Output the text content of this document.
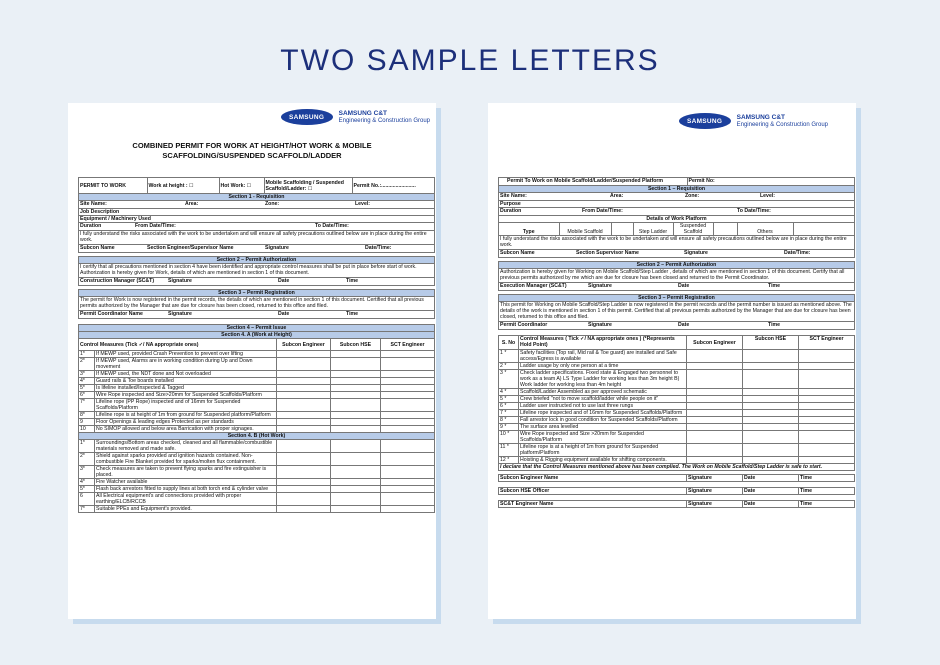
TWO SAMPLE LETTERS
SAMSUNG
SAMSUNG C&T
Engineering & Construction Group
COMBINED PERMIT FOR WORK AT HEIGHT/HOT WORK & MOBILE
SCAFFOLDING/SUSPENDED SCAFFOLD/LADDER
PERMIT TO WORK	Work at height : ☐	Hot Work: ☐	Mobile Scaffolding / Suspended Scaffold/Ladder: ☐	Permit No.:........................

Section 1 - Requisition

Site Name:	Area:	Zone:	Level:

Job Description
Equipment / Machinery Used

Duration	From Date/Time:	To Date/Time:

I fully understand the risks associated with the work to be undertaken and will ensure all safety precautions outlined below are in place during the entire work.

Subcon Name	Section Engineer/Supervisor Name	Signature	Date/Time:

Section 2 – Permit Authorization
I certify that all precautions mentioned in section 4 have been identified and appropriate control measures shall be put in place before start of work. Authorization is hereby given for Work, details of which are mentioned in section 1 of this document.

Construction Manager (SC&T)	Signature	Date	Time

Section 3 – Permit Registration
The permit for Work is now registered in the permit records, the details of which are mentioned in section 1 of this document. Certified that all previous permits authorized by the Manager that are due for closure has been closed, returned to this office and filed.

Permit Coordinator Name	Signature	Date	Time

Section 4 – Permit Issue
Section 4. A (Work at Height)
Control Measures (Tick ✓/ NA appropriate ones)	Subcon Engineer	Subcon HSE	SCT Engineer
1*	If MEWP used, provided Crash Prevention to prevent over lifting			
2*	If MEWP used, Alarms are in working condition during Up and Down movement			
3*	If MEWP used, the NDT done and Not overloaded			
4*	Guard rails & Toe boards installed			
5*	Is lifeline installed/Inspected & Tagged			
6*	Wire Rope inspected and Size>20mm for Suspended Scaffolds/Platform			
7*	Lifeline rope (PP Rope) inspected and of 16mm for Suspended Scaffolds/Platform			
8*	Lifeline rope is at height of 1m from ground for Suspended platform/Platform			
9	Floor Openings & leading edges Protected as per standards			
10	No SIMOP allowed and below area Barrication with proper signages.			
Section 4. B (Hot Work)
1*	Surroundings/Bottom areas checked, cleaned and all flammable/combustible materials removed and made safe.			
2*	Shield against sparks provided and ignition hazards contained. Non-combustible Fire Blanket provided for sparks/molten flux containment.			
3*	Check measures are taken to prevent flying sparks and fire extinguisher is placed.			
4*	Fire Watcher available			
5*	Flash back arrestors fitted to supply lines at both torch end & cylinder valve			
6	All Electrical equipment's and connections provided with proper earthing/ELCB/RCCB			
7*	Suitable PPEs and Equipment's provided.			
SAMSUNG
SAMSUNG C&T
Engineering & Construction Group
Permit To Work on Mobile Scaffold/Ladder/Suspended Platform	Permit No:

Section 1 – Requisition

Site Name:	Area:	Zone:	Level:

Purpose

Duration	From Date/Time:	To Date/Time:

Details of Work Platform

Type	Mobile Scaffold		Step Ladder	Suspended Scaffold		Others	

I fully understand the risks associated with the work to be undertaken and will ensure all safety precautions outlined below are in place during the entire work.

Subcon Name	Section Supervisor Name	Signature	Date/Time:

Section 2 – Permit Authorization
Authorization is hereby given for Working on Mobile Scaffold/Step Ladder , details of which are mentioned in section 1 of this document. Certify that all previous permits authorized by me which are due for closure has been closed and returned to the Permit Coordinator.

Execution Manager (SC&T)	Signature	Date	Time

Section 3 – Permit Registration
This permit for Working on Mobile Scaffold/Step Ladder is now registered in the permit records and the permit number is issued as mentioned above. The details of the work is mentioned in section 1 of this permit. Certified that all previous permits authorized by the Manager that are due for closure has been closed, returned to this office and filed.

Permit Coordinator	Signature	Date	Time

S. No	Control Measures ( Tick ✓/ NA appropriate ones ) (*Represents Hold Point)	Subcon Engineer	Subcon HSE	SCT Engineer
1 *	Safety facilities (Top rail, Mid rail & Toe guard) are installed and Safe access/Egress is available			
2 *	Ladder usage by only one person at a time			
3 *	Check ladder specifications. Fixed state & Engaged two personnel to work as a team A) LS Type Ladder for working less than 3m height B) Work ladder for working less than 4m height			
4 *	Scaffold/Ladder Assembled as per approved schematic			
5 *	Crew briefed "not to move scaffold/ladder while people on it"			
6 *	Ladder user instructed not to use last three rungs			
7 *	Lifeline rope inspected and of 16mm for Suspended Scaffolds/Platform			
8 *	Fall arrestor lock in good condition for Suspended Scaffolds/Platform			
9 *	The surface area levelled			
10 *	Wire Rope inspected and Size >20mm for Suspended Scaffolds/Platform			
11 *	Lifeline rope is at a height of 1m from ground for Suspended platform/Platform			
12 *	Hoisting & Rigging equipment available for shifting components.			
I declare that the Control Measures mentioned above has been complied. The Work on Mobile Scaffold/Step Ladder is safe to start.

Subcon Engineer Name	Signature	Date	Time

Subcon HSE Officer	Signature	Date	Time

SC&T Engineer Name	Signature	Date	Time
